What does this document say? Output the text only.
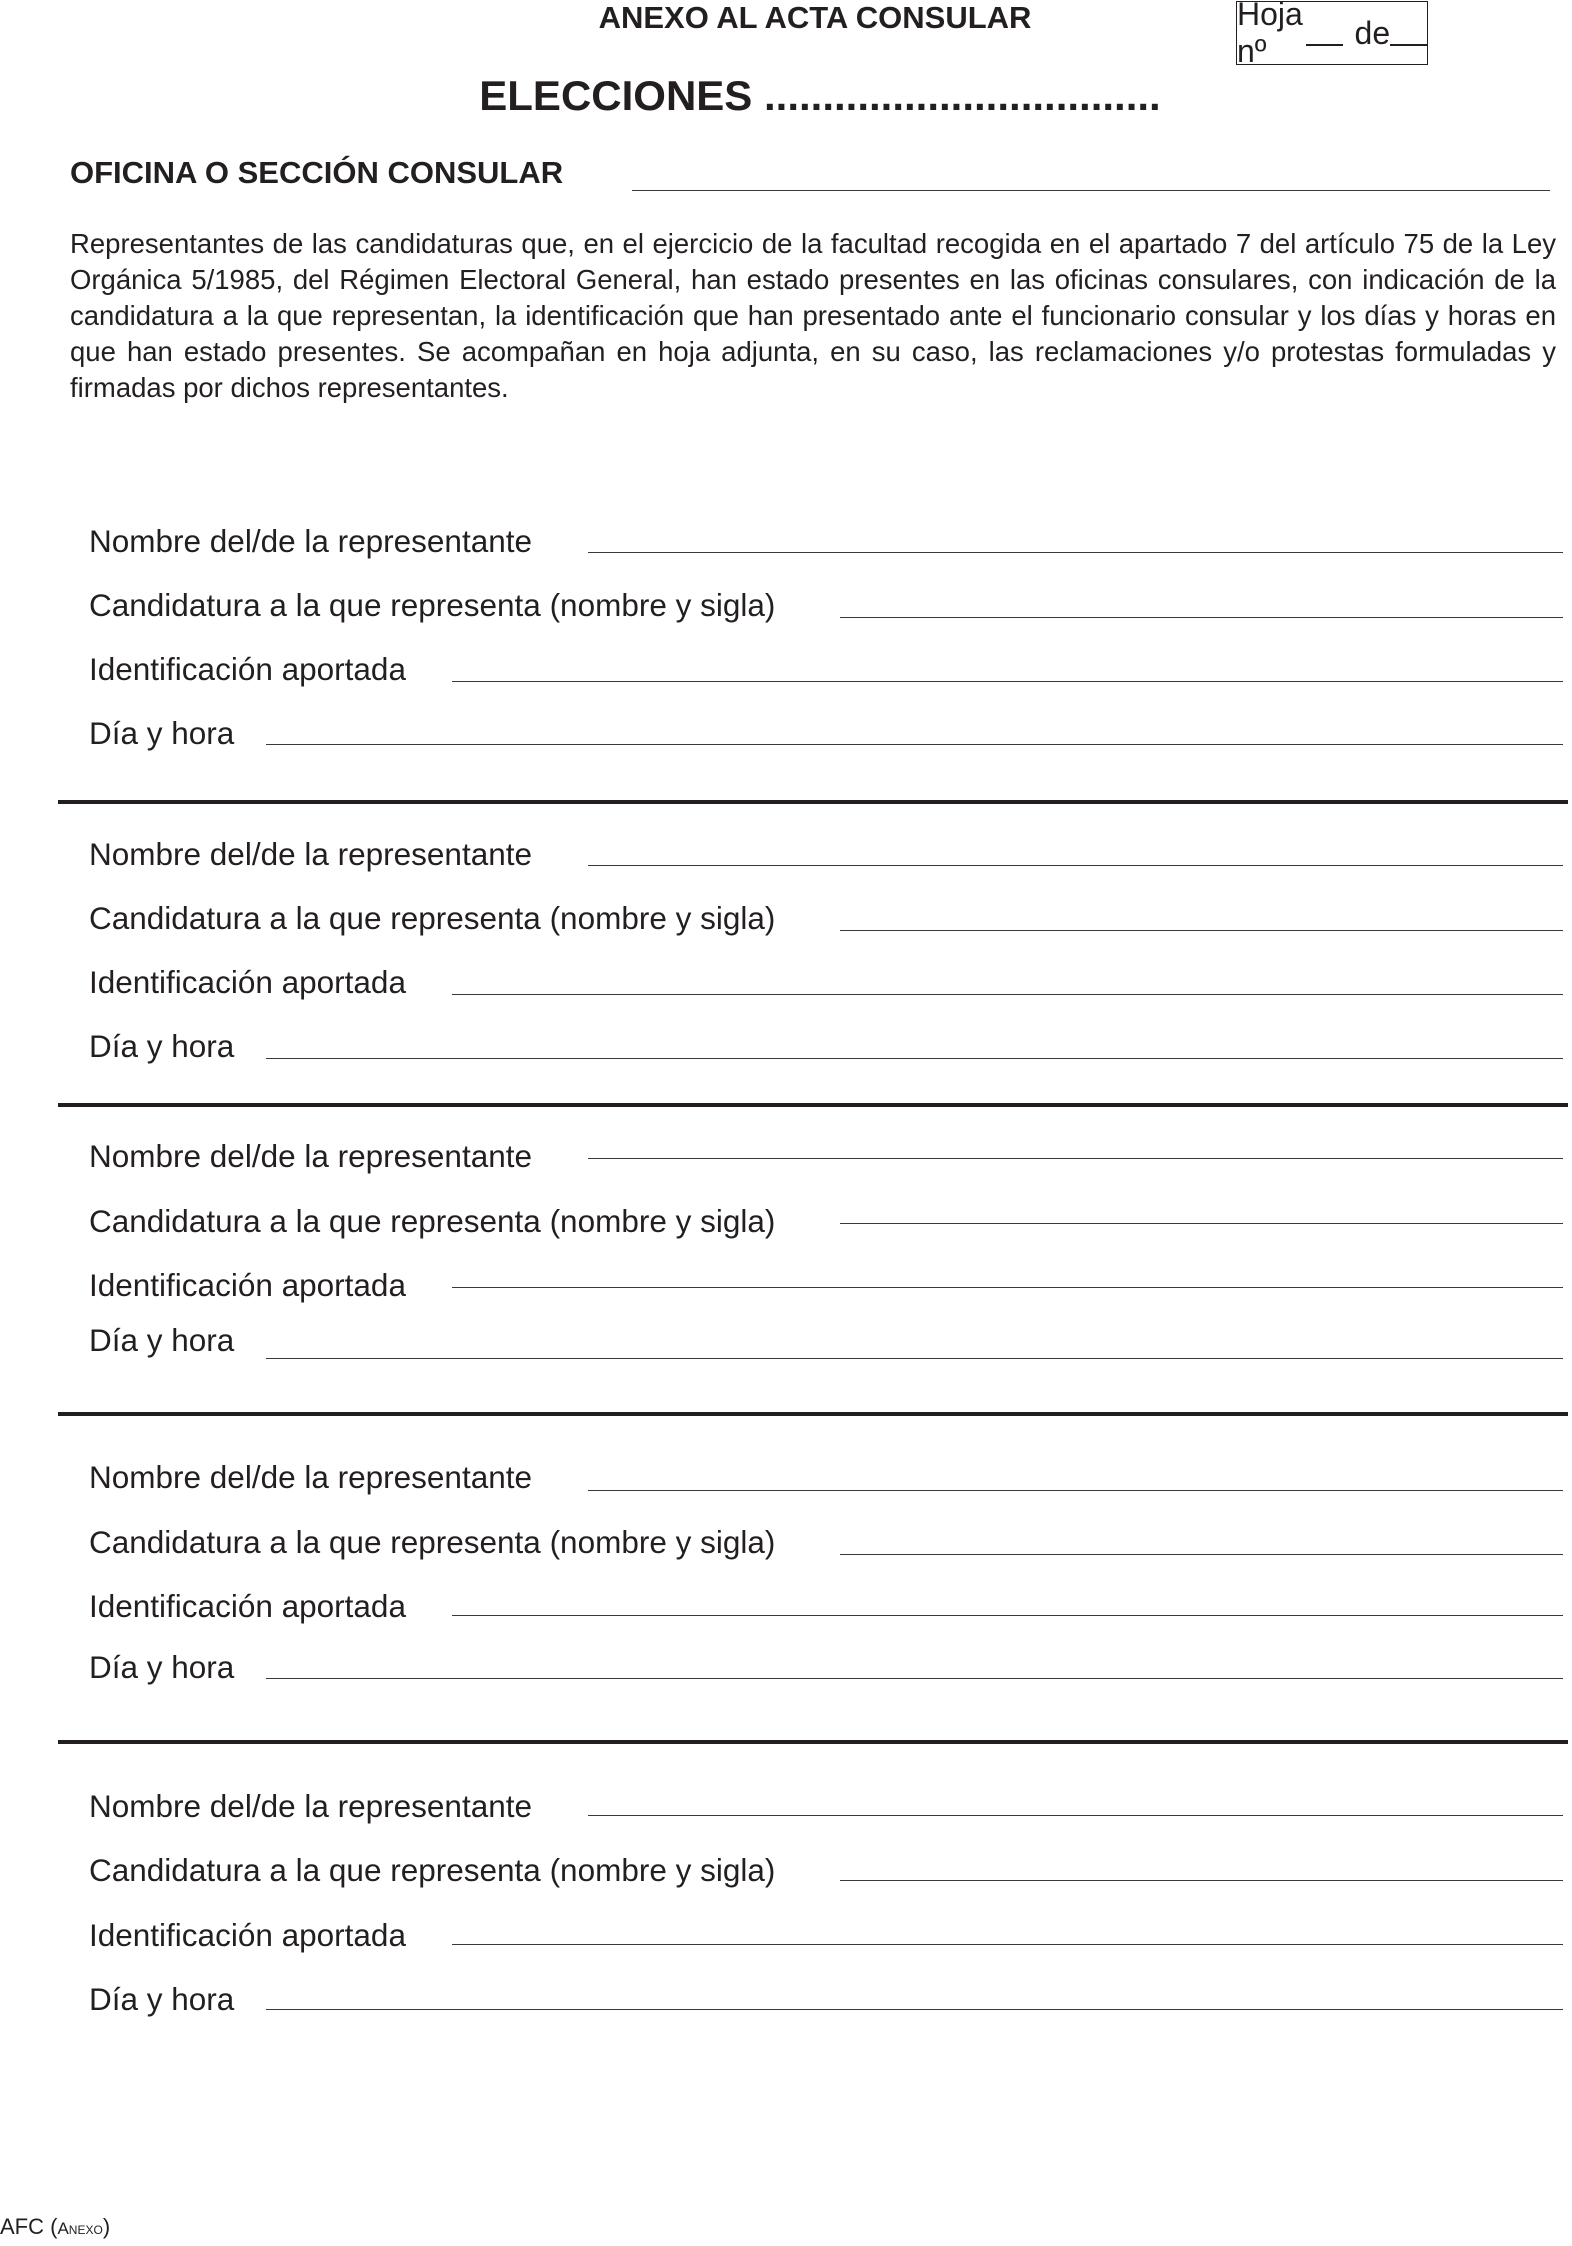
ANEXO AL ACTA CONSULAR	Hoja nº
de
ELECCIONES ..................................
OFICINA O SECCIÓN CONSULAR
Representantes de las candidaturas que, en el ejercicio de la facultad recogida en el apartado 7 del artículo 75 de la Ley Orgánica 5/1985, del Régimen Electoral General, han estado presentes en las oficinas consulares, con indicación de la candidatura a la que representan, la identificación que han presentado ante el funcionario consular y los días y horas en que han estado presentes. Se acompañan en hoja adjunta, en su caso, las reclamaciones y/o protestas formuladas y firmadas por dichos representantes.
Nombre del/de la representante
Candidatura a la que representa (nombre y sigla)
Identificación aportada
Día y hora
Nombre del/de la representante
Candidatura a la que representa (nombre y sigla)
Identificación aportada
Día y hora
Nombre del/de la representante
Candidatura a la que representa (nombre y sigla)
Identificación aportada
Día y hora
Nombre del/de la representante
Candidatura a la que representa (nombre y sigla)
Identificación aportada
Día y hora
Nombre del/de la representante
Candidatura a la que representa (nombre y sigla)
Identificación aportada
Día y hora
AFC (Anexo)
